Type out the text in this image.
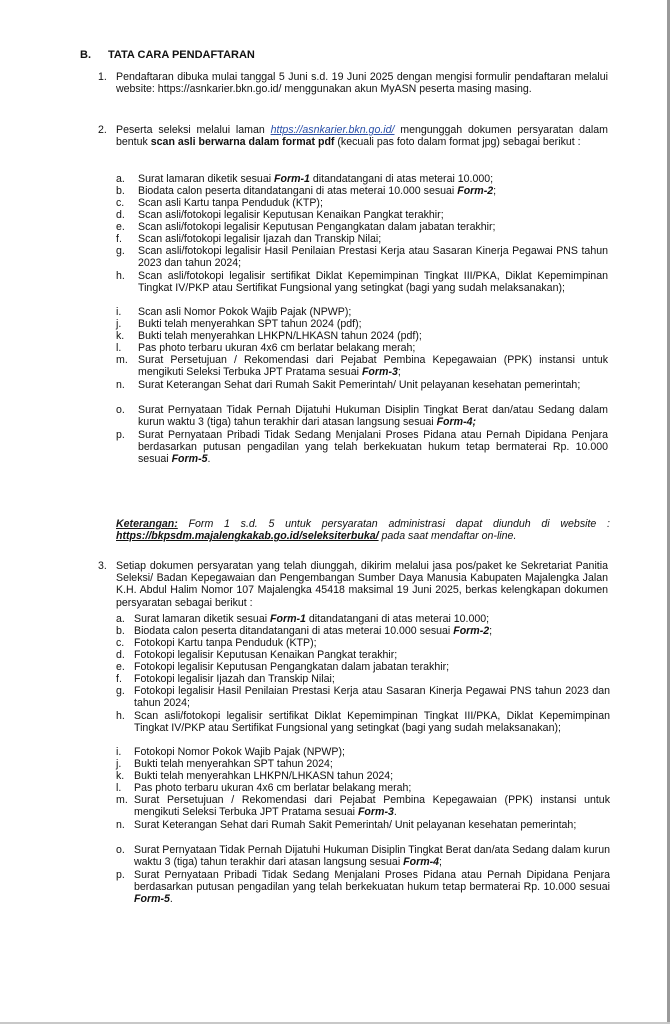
B. TATA CARA PENDAFTARAN
1. Pendaftaran dibuka mulai tanggal 5 Juni s.d. 19 Juni 2025 dengan mengisi formulir pendaftaran melalui website: https://asnkarier.bkn.go.id/ menggunakan akun MyASN peserta masing masing.
2. Peserta seleksi melalui laman https://asnkarier.bkn.go.id/ mengunggah dokumen persyaratan dalam bentuk scan asli berwarna dalam format pdf (kecuali pas foto dalam format jpg) sebagai berikut :
a.	Surat lamaran diketik sesuai Form-1 ditandatangani di atas meterai 10.000;
b.	Biodata calon peserta ditandatangani di atas meterai 10.000 sesuai Form-2;
c.	Scan asli Kartu tanpa Penduduk (KTP);
d.	Scan asli/fotokopi legalisir Keputusan Kenaikan Pangkat terakhir;
e.	Scan asli/fotokopi legalisir Keputusan Pengangkatan dalam jabatan terakhir;
f.	Scan asli/fotokopi legalisir Ijazah dan Transkip Nilai;
g.	Scan asli/fotokopi legalisir Hasil Penilaian Prestasi Kerja atau Sasaran Kinerja Pegawai PNS tahun 2023 dan tahun 2024;
h.	Scan asli/fotokopi legalisir sertifikat Diklat Kepemimpinan Tingkat III/PKA, Diklat Kepemimpinan Tingkat IV/PKP atau Sertifikat Fungsional yang setingkat (bagi yang sudah melaksanakan);
i.	Scan asli Nomor Pokok Wajib Pajak (NPWP);
j.	Bukti telah menyerahkan SPT tahun 2024 (pdf);
k.	Bukti telah menyerahkan LHKPN/LHKASN tahun 2024 (pdf);
l.	Pas photo terbaru ukuran 4x6 cm berlatar belakang merah;
m. Surat Persetujuan / Rekomendasi dari Pejabat Pembina Kepegawaian (PPK) instansi untuk mengikuti Seleksi Terbuka JPT Pratama sesuai Form-3;
n.	Surat Keterangan Sehat dari Rumah Sakit Pemerintah/ Unit pelayanan kesehatan pemerintah;
o.	Surat Pernyataan Tidak Pernah Dijatuhi Hukuman Disiplin Tingkat Berat dan/atau Sedang dalam kurun waktu 3 (tiga) tahun terakhir dari atasan langsung sesuai Form-4;
p.	Surat Pernyataan Pribadi Tidak Sedang Menjalani Proses Pidana atau Pernah Dipidana Penjara berdasarkan putusan pengadilan yang telah berkekuatan hukum tetap bermaterai Rp. 10.000 sesuai Form-5.
Keterangan: Form 1 s.d. 5 untuk persyaratan administrasi dapat diunduh di website : https://bkpsdm.majalengkakab.go.id/seleksiterbuka/ pada saat mendaftar on-line.
3. Setiap dokumen persyaratan yang telah diunggah, dikirim melalui jasa pos/paket ke Sekretariat Panitia Seleksi/ Badan Kepegawaian dan Pengembangan Sumber Daya Manusia Kabupaten Majalengka Jalan K.H. Abdul Halim Nomor 107 Majalengka 45418 maksimal 19 Juni 2025, berkas kelengkapan dokumen persyaratan sebagai berikut :
a. Surat lamaran diketik sesuai Form-1 ditandatangani di atas meterai 10.000;
b. Biodata calon peserta ditandatangani di atas meterai 10.000 sesuai Form-2;
c. Fotokopi Kartu tanpa Penduduk (KTP);
d. Fotokopi legalisir Keputusan Kenaikan Pangkat terakhir;
e. Fotokopi legalisir Keputusan Pengangkatan dalam jabatan terakhir;
f.	Fotokopi legalisir Ijazah dan Transkip Nilai;
g. Fotokopi legalisir Hasil Penilaian Prestasi Kerja atau Sasaran Kinerja Pegawai PNS tahun 2023 dan tahun 2024;
h. Scan asli/fotokopi legalisir sertifikat Diklat Kepemimpinan Tingkat III/PKA, Diklat Kepemimpinan Tingkat IV/PKP atau Sertifikat Fungsional yang setingkat (bagi yang sudah melaksanakan);
i.	Fotokopi Nomor Pokok Wajib Pajak (NPWP);
j.	Bukti telah menyerahkan SPT tahun 2024;
k. Bukti telah menyerahkan LHKPN/LHKASN tahun 2024;
l.	Pas photo terbaru ukuran 4x6 cm berlatar belakang merah;
m. Surat Persetujuan / Rekomendasi dari Pejabat Pembina Kepegawaian (PPK) instansi untuk mengikuti Seleksi Terbuka JPT Pratama sesuai Form-3.
n. Surat Keterangan Sehat dari Rumah Sakit Pemerintah/ Unit pelayanan kesehatan pemerintah;
o. Surat Pernyataan Tidak Pernah Dijatuhi Hukuman Disiplin Tingkat Berat dan/ata Sedang dalam kurun waktu 3 (tiga) tahun terakhir dari atasan langsung sesuai Form-4;
p. Surat Pernyataan Pribadi Tidak Sedang Menjalani Proses Pidana atau Pernah Dipidana Penjara berdasarkan putusan pengadilan yang telah berkekuatan hukum tetap bermaterai Rp. 10.000 sesuai Form-5.
